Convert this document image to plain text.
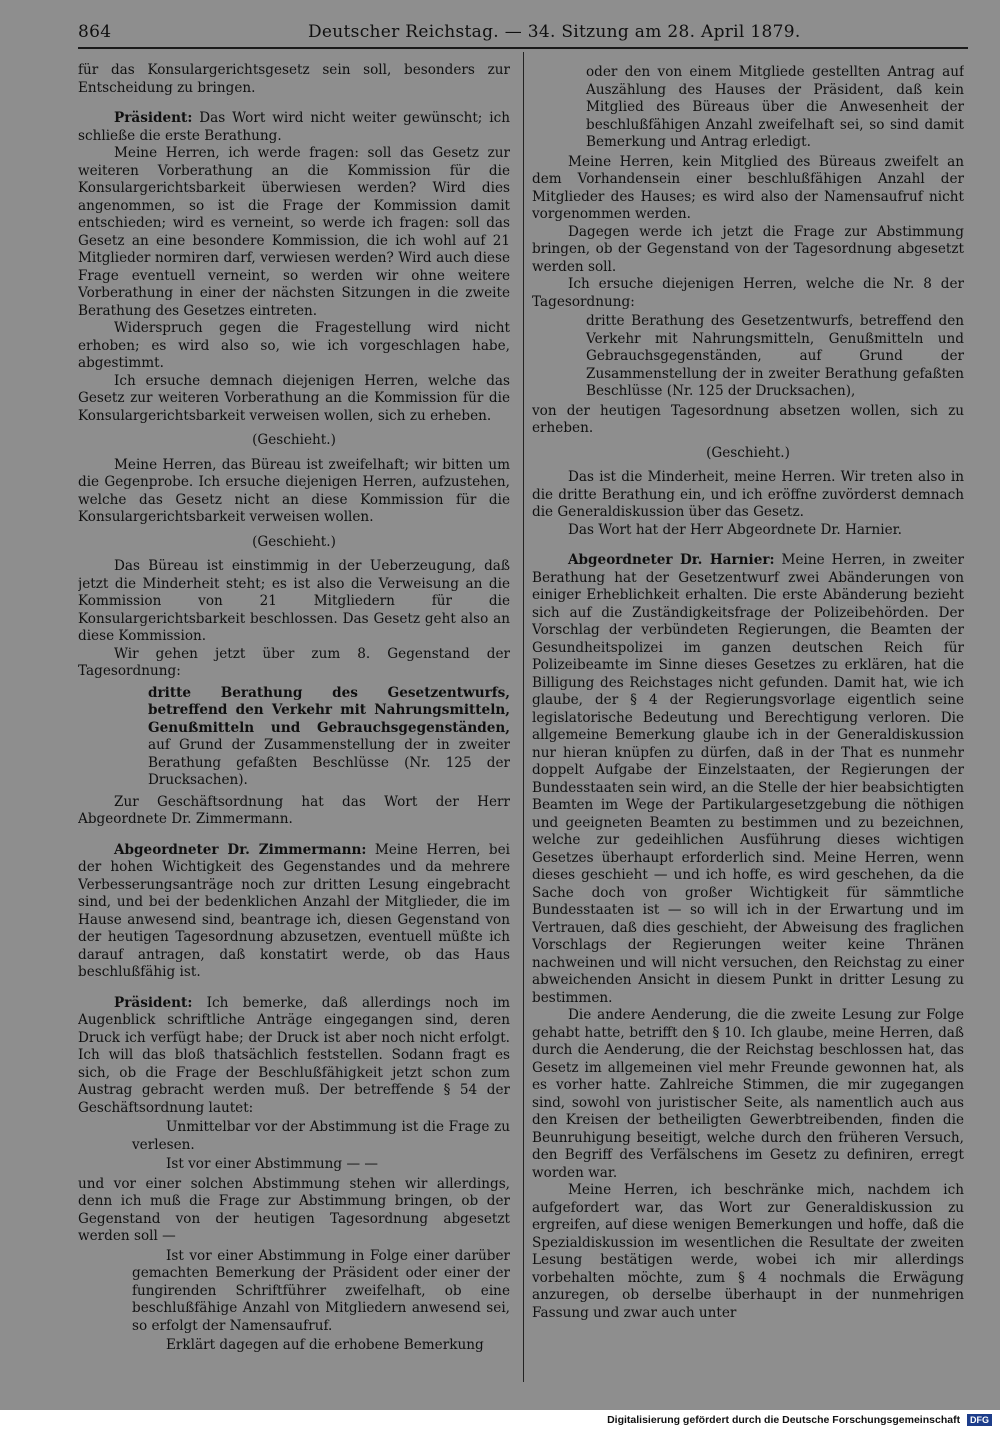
864	Deutscher Reichstag. — 34. Sitzung am 28. April 1879.

für das Konsulargerichtsgesetz sein soll, besonders zur Entscheidung zu bringen.

Präsident: Das Wort wird nicht weiter gewünscht; ich schließe die erste Berathung.

Meine Herren, ich werde fragen: soll das Gesetz zur weiteren Vorberathung an die Kommission für die Konsulargerichtsbarkeit überwiesen werden? Wird dies angenommen, so ist die Frage der Kommission damit entschieden; wird es verneint, so werde ich fragen: soll das Gesetz an eine besondere Kommission, die ich wohl auf 21 Mitglieder normiren darf, verwiesen werden? Wird auch diese Frage eventuell verneint, so werden wir ohne weitere Vorberathung in einer der nächsten Sitzungen in die zweite Berathung des Gesetzes eintreten.

Widerspruch gegen die Fragestellung wird nicht erhoben; es wird also so, wie ich vorgeschlagen habe, abgestimmt.

Ich ersuche demnach diejenigen Herren, welche das Gesetz zur weiteren Vorberathung an die Kommission für die Konsulargerichtsbarkeit verweisen wollen, sich zu erheben.

(Geschieht.)

Meine Herren, das Büreau ist zweifelhaft; wir bitten um die Gegenprobe. Ich ersuche diejenigen Herren, aufzustehen, welche das Gesetz nicht an diese Kommission für die Konsulargerichtsbarkeit verweisen wollen.

(Geschieht.)

Das Büreau ist einstimmig in der Ueberzeugung, daß jetzt die Minderheit steht; es ist also die Verweisung an die Kommission von 21 Mitgliedern für die Konsulargerichtsbarkeit beschlossen. Das Gesetz geht also an diese Kommission.

Wir gehen jetzt über zum 8. Gegenstand der Tagesordnung:

dritte Berathung des Gesetzentwurfs, betreffend den Verkehr mit Nahrungsmitteln, Genußmitteln und Gebrauchsgegenständen, auf Grund der Zusammenstellung der in zweiter Berathung gefaßten Beschlüsse (Nr. 125 der Drucksachen).

Zur Geschäftsordnung hat das Wort der Herr Abgeordnete Dr. Zimmermann.

Abgeordneter Dr. Zimmermann: Meine Herren, bei der hohen Wichtigkeit des Gegenstandes und da mehrere Verbesserungsanträge noch zur dritten Lesung eingebracht sind, und bei der bedenklichen Anzahl der Mitglieder, die im Hause anwesend sind, beantrage ich, diesen Gegenstand von der heutigen Tagesordnung abzusetzen, eventuell müßte ich darauf antragen, daß konstatirt werde, ob das Haus beschlußfähig ist.

Präsident: Ich bemerke, daß allerdings noch im Augenblick schriftliche Anträge eingegangen sind, deren Druck ich verfügt habe; der Druck ist aber noch nicht erfolgt. Ich will das bloß thatsächlich feststellen. Sodann fragt es sich, ob die Frage der Beschlußfähigkeit jetzt schon zum Austrag gebracht werden muß. Der betreffende § 54 der Geschäftsordnung lautet:

Unmittelbar vor der Abstimmung ist die Frage zu verlesen.

Ist vor einer Abstimmung — —

und vor einer solchen Abstimmung stehen wir allerdings, denn ich muß die Frage zur Abstimmung bringen, ob der Gegenstand von der heutigen Tagesordnung abgesetzt werden soll —

Ist vor einer Abstimmung in Folge einer darüber gemachten Bemerkung der Präsident oder einer der fungirenden Schriftführer zweifelhaft, ob eine beschlußfähige Anzahl von Mitgliedern anwesend sei, so erfolgt der Namensaufruf.

Erklärt dagegen auf die erhobene Bemerkung

oder den von einem Mitgliede gestellten Antrag auf Auszählung des Hauses der Präsident, daß kein Mitglied des Büreaus über die Anwesenheit der beschlußfähigen Anzahl zweifelhaft sei, so sind damit Bemerkung und Antrag erledigt.

Meine Herren, kein Mitglied des Büreaus zweifelt an dem Vorhandensein einer beschlußfähigen Anzahl der Mitglieder des Hauses; es wird also der Namensaufruf nicht vorgenommen werden.

Dagegen werde ich jetzt die Frage zur Abstimmung bringen, ob der Gegenstand von der Tagesordnung abgesetzt werden soll.

Ich ersuche diejenigen Herren, welche die Nr. 8 der Tagesordnung:

dritte Berathung des Gesetzentwurfs, betreffend den Verkehr mit Nahrungsmitteln, Genußmitteln und Gebrauchsgegenständen, auf Grund der Zusammenstellung der in zweiter Berathung gefaßten Beschlüsse (Nr. 125 der Drucksachen),

von der heutigen Tagesordnung absetzen wollen, sich zu erheben.

(Geschieht.)

Das ist die Minderheit, meine Herren. Wir treten also in die dritte Berathung ein, und ich eröffne zuvörderst demnach die Generaldiskussion über das Gesetz.

Das Wort hat der Herr Abgeordnete Dr. Harnier.

Abgeordneter Dr. Harnier: Meine Herren, in zweiter Berathung hat der Gesetzentwurf zwei Abänderungen von einiger Erheblichkeit erhalten. Die erste Abänderung bezieht sich auf die Zuständigkeitsfrage der Polizeibehörden. Der Vorschlag der verbündeten Regierungen, die Beamten der Gesundheitspolizei im ganzen deutschen Reich für Polizeibeamte im Sinne dieses Gesetzes zu erklären, hat die Billigung des Reichstages nicht gefunden. Damit hat, wie ich glaube, der § 4 der Regierungsvorlage eigentlich seine legislatorische Bedeutung und Berechtigung verloren. Die allgemeine Bemerkung glaube ich in der Generaldiskussion nur hieran knüpfen zu dürfen, daß in der That es nunmehr doppelt Aufgabe der Einzelstaaten, der Regierungen der Bundesstaaten sein wird, an die Stelle der hier beabsichtigten Beamten im Wege der Partikulargesetzgebung die nöthigen und geeigneten Beamten zu bestimmen und zu bezeichnen, welche zur gedeihlichen Ausführung dieses wichtigen Gesetzes überhaupt erforderlich sind. Meine Herren, wenn dieses geschieht — und ich hoffe, es wird geschehen, da die Sache doch von großer Wichtigkeit für sämmtliche Bundesstaaten ist — so will ich in der Erwartung und im Vertrauen, daß dies geschieht, der Abweisung des fraglichen Vorschlags der Regierungen weiter keine Thränen nachweinen und will nicht versuchen, den Reichstag zu einer abweichenden Ansicht in diesem Punkt in dritter Lesung zu bestimmen.

Die andere Aenderung, die die zweite Lesung zur Folge gehabt hatte, betrifft den § 10. Ich glaube, meine Herren, daß durch die Aenderung, die der Reichstag beschlossen hat, das Gesetz im allgemeinen viel mehr Freunde gewonnen hat, als es vorher hatte. Zahlreiche Stimmen, die mir zugegangen sind, sowohl von juristischer Seite, als namentlich auch aus den Kreisen der betheiligten Gewerbtreibenden, finden die Beunruhigung beseitigt, welche durch den früheren Versuch, den Begriff des Verfälschens im Gesetz zu definiren, erregt worden war.

Meine Herren, ich beschränke mich, nachdem ich aufgefordert war, das Wort zur Generaldiskussion zu ergreifen, auf diese wenigen Bemerkungen und hoffe, daß die Spezialdiskussion im wesentlichen die Resultate der zweiten Lesung bestätigen werde, wobei ich mir allerdings vorbehalten möchte, zum § 4 nochmals die Erwägung anzuregen, ob derselbe überhaupt in der nunmehrigen Fassung und zwar auch unter

Digitalisierung gefördert durch die Deutsche Forschungsgemeinschaft DFG
